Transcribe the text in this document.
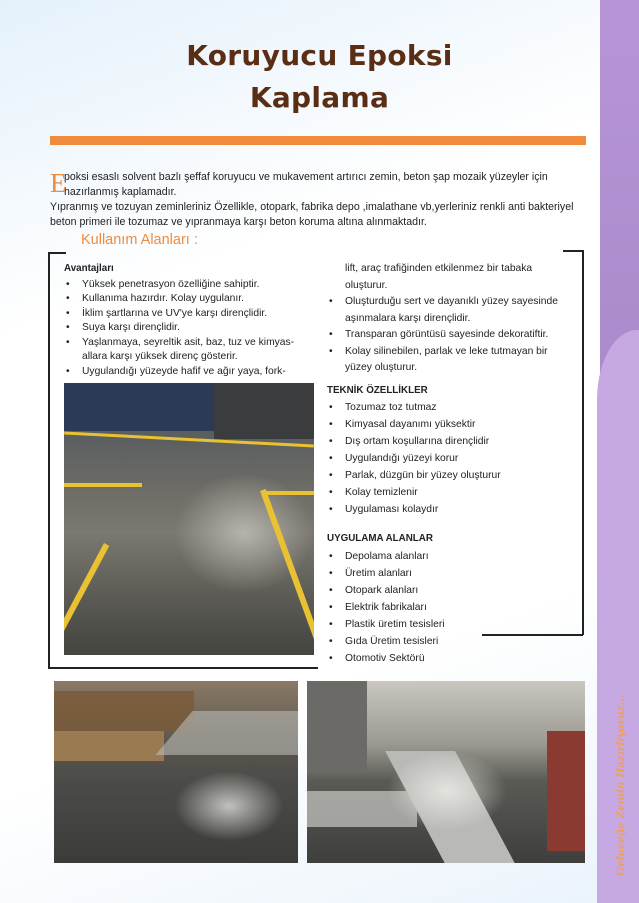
Geleceğe Zemin Hazırlıyoruz...
Koruyucu Epoksi
Kaplama
E
poksi esaslı solvent bazlı şeffaf koruyucu ve mukavement artırıcı zemin, beton şap mozaik yüzeyler için
hazırlanmış kaplamadır.
Yıpranmış ve tozuyan zeminleriniz Özellikle, otopark, fabrika depo ,imalathane vb,yerleriniz renkli anti bakteriyel
beton primeri ile tozumaz ve yıpranmaya karşı beton koruma altına alınmaktadır.
Kullanım Alanları :
Avantajları
• Yüksek penetrasyon özelliğine sahiptir.
• Kullanıma hazırdır. Kolay uygulanır.
• İklim şartlarına ve UV'ye karşı dirençlidir.
• Suya karşı dirençlidir.
• Yaşlanmaya, seyreltik asit, baz, tuz ve kimyas-
allara karşı yüksek direnç gösterir.
• Uygulandığı yüzeyde hafif ve ağır yaya, fork-
lift, araç trafiğinden etkilenmez bir tabaka
oluşturur.
• Oluşturduğu sert ve dayanıklı yüzey sayesinde
aşınmalara karşı dirençlidir.
• Transparan görüntüsü sayesinde dekoratiftir.
• Kolay silinebilen, parlak ve leke tutmayan bir
yüzey oluşturur.
TEKNİK ÖZELLİKLER
• Tozumaz toz tutmaz
• Kimyasal dayanımı yüksektir
• Dış ortam koşullarına dirençlidir
• Uygulandığı yüzeyi korur
• Parlak, düzgün bir yüzey oluşturur
• Kolay temizlenir
• Uygulaması kolaydır
UYGULAMA ALANLAR
• Depolama alanları
• Üretim alanları
• Otopark alanları
• Elektrik fabrikaları
• Plastik üretim tesisleri
• Gıda Üretim tesisleri
• Otomotiv Sektörü
